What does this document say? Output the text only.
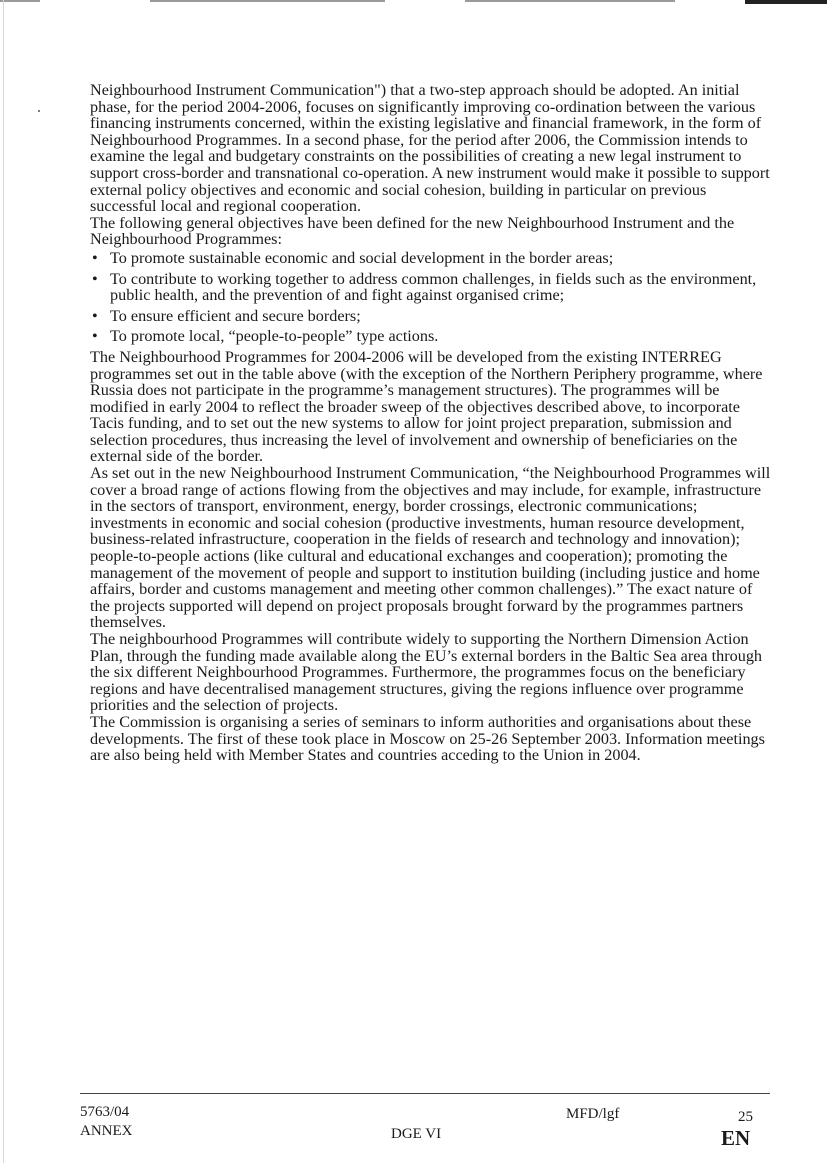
Neighbourhood Instrument Communication") that a two-step approach should be adopted. An initial phase, for the period 2004-2006, focuses on significantly improving co-ordination between the various financing instruments concerned, within the existing legislative and financial framework, in the form of Neighbourhood Programmes. In a second phase, for the period after 2006, the Commission intends to examine the legal and budgetary constraints on the possibilities of creating a new legal instrument to support cross-border and transnational co-operation. A new instrument would make it possible to support external policy objectives and economic and social cohesion, building in particular on previous successful local and regional cooperation.

The following general objectives have been defined for the new Neighbourhood Instrument and the Neighbourhood Programmes:

• To promote sustainable economic and social development in the border areas;
• To contribute to working together to address common challenges, in fields such as the environment, public health, and the prevention of and fight against organised crime;
• To ensure efficient and secure borders;
• To promote local, “people-to-people” type actions.

The Neighbourhood Programmes for 2004-2006 will be developed from the existing INTERREG programmes set out in the table above (with the exception of the Northern Periphery programme, where Russia does not participate in the programme’s management structures). The programmes will be modified in early 2004 to reflect the broader sweep of the objectives described above, to incorporate Tacis funding, and to set out the new systems to allow for joint project preparation, submission and selection procedures, thus increasing the level of involvement and ownership of beneficiaries on the external side of the border.

As set out in the new Neighbourhood Instrument Communication, “the Neighbourhood Programmes will cover a broad range of actions flowing from the objectives and may include, for example, infrastructure in the sectors of transport, environment, energy, border crossings, electronic communications; investments in economic and social cohesion (productive investments, human resource development, business-related infrastructure, cooperation in the fields of research and technology and innovation); people-to-people actions (like cultural and educational exchanges and cooperation); promoting the management of the movement of people and support to institution building (including justice and home affairs, border and customs management and meeting other common challenges).” The exact nature of the projects supported will depend on project proposals brought forward by the programmes partners themselves.

The neighbourhood Programmes will contribute widely to supporting the Northern Dimension Action Plan, through the funding made available along the EU’s external borders in the Baltic Sea area through the six different Neighbourhood Programmes. Furthermore, the programmes focus on the beneficiary regions and have decentralised management structures, giving the regions influence over programme priorities and the selection of projects.

The Commission is organising a series of seminars to inform authorities and organisations about these developments. The first of these took place in Moscow on 25-26 September 2003. Information meetings are also being held with Member States and countries acceding to the Union in 2004.

5763/04
ANNEX	DGE VI
MFD/lgf	25
EN
